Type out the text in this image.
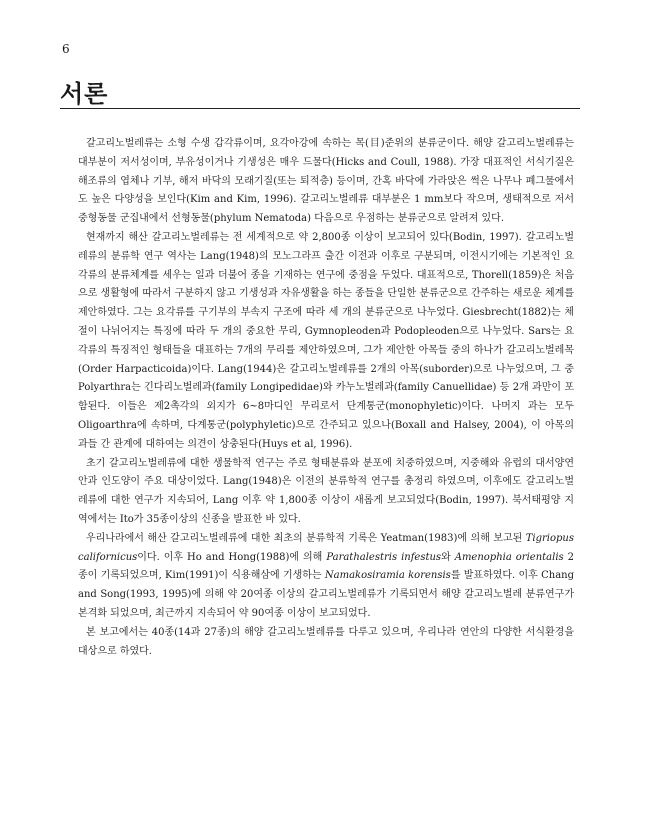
6
서론

갈고리노벌레류는 소형 수생 갑각류이며, 요각아강에 속하는 목(目)준위의 분류군이다. 해양 갈고리노벌레류는 대부분이 저서성이며, 부유성이거나 기생성은 매우 드물다(Hicks and Coull, 1988). 가장 대표적인 서식기질은 해조류의 엽체나 기부, 해저 바닥의 모래기질(또는 퇴적층) 등이며, 간혹 바닥에 가라앉은 썩은 나무나 폐그물에서도 높은 다양성을 보인다(Kim and Kim, 1996). 갈고리노벌레류 대부분은 1 mm보다 작으며, 생태적으로 저서 중형동물 군집내에서 선형동물(phylum Nematoda) 다음으로 우점하는 분류군으로 알려져 있다.

현재까지 해산 갈고리노벌레류는 전 세계적으로 약 2,800종 이상이 보고되어 있다(Bodin, 1997). 갈고리노벌레류의 분류학 연구 역사는 Lang(1948)의 모노그라프 출간 이전과 이후로 구분되며, 이전시기에는 기본적인 요각류의 분류체계를 세우는 일과 더불어 종을 기재하는 연구에 중점을 두었다. 대표적으로, Thorell(1859)은 처음으로 생활형에 따라서 구분하지 않고 기생성과 자유생활을 하는 종들을 단일한 분류군으로 간주하는 새로운 체계를 제안하였다. 그는 요각류를 구기부의 부속지 구조에 따라 세 개의 분류군으로 나누었다. Giesbrecht(1882)는 체절이 나뉘어지는 특징에 따라 두 개의 중요한 무리, Gymnopleoden과 Podopleoden으로 나누었다. Sars는 요각류의 특징적인 형태들을 대표하는 7개의 무리를 제안하였으며, 그가 제안한 아목들 중의 하나가 갈고리노벌레목(Order Harpacticoida)이다. Lang(1944)은 갈고리노벌레류를 2개의 아목(suborder)으로 나누었으며, 그 중 Polyarthra는 긴다리노벌레과(family Longipedidae)와 카누노벌레과(family Canuellidae) 등 2개 과만이 포함된다. 이들은 제2촉각의 외지가 6~8마디인 무리로서 단계통군(monophyletic)이다. 나머지 과는 모두 Oligoarthra에 속하며, 다계통군(polyphyletic)으로 간주되고 있으나(Boxall and Halsey, 2004), 이 아목의 과들 간 관계에 대하여는 의견이 상충된다(Huys et al, 1996).

초기 갈고리노벌레류에 대한 생물학적 연구는 주로 형태분류와 분포에 치중하였으며, 지중해와 유럽의 대서양연안과 인도양이 주요 대상이었다. Lang(1948)은 이전의 분류학적 연구를 총정리 하였으며, 이후에도 갈고리노벌레류에 대한 연구가 지속되어, Lang 이후 약 1,800종 이상이 새롭게 보고되었다(Bodin, 1997). 북서태평양 지역에서는 Ito가 35종이상의 신종을 발표한 바 있다.

우리나라에서 해산 갈고리노벌레류에 대한 최초의 분류학적 기록은 Yeatman(1983)에 의해 보고된 Tigriopus californicus이다. 이후 Ho and Hong(1988)에 의해 Parathalestris infestus와 Amenophia orientalis 2종이 기록되었으며, Kim(1991)이 식용해삼에 기생하는 Namakosiramia korensis를 발표하였다. 이후 Chang and Song(1993, 1995)에 의해 약 20여종 이상의 갈고리노벌레류가 기록되면서 해양 갈고리노벌레 분류연구가 본격화 되었으며, 최근까지 지속되어 약 90여종 이상이 보고되었다.

본 보고에서는 40종(14과 27종)의 해양 갈고리노벌레류를 다루고 있으며, 우리나라 연안의 다양한 서식환경을 대상으로 하였다.
